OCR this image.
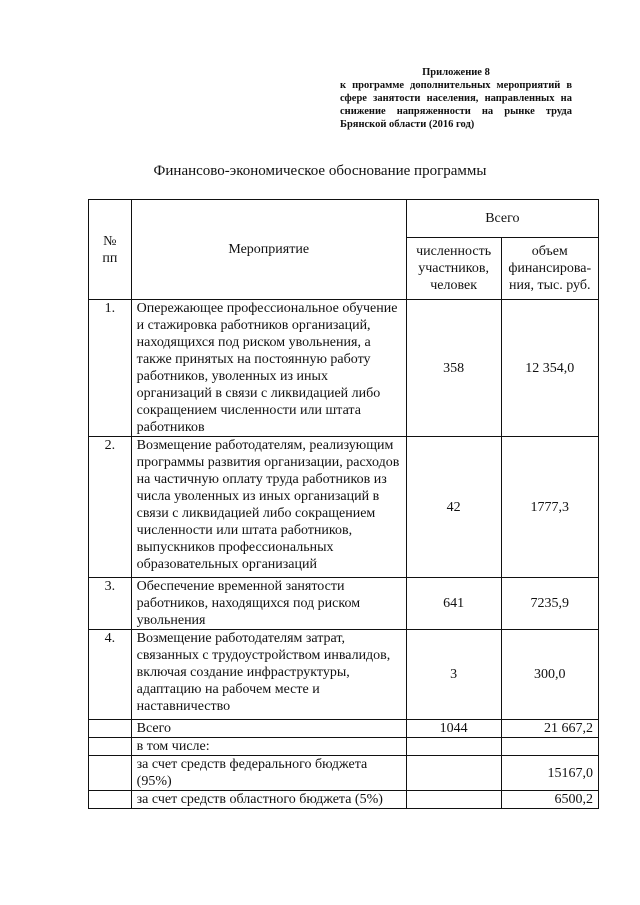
Приложение 8
к программе дополнительных мероприятий в
сфере занятости населения, направленных на
снижение напряженности на рынке труда
Брянской области (2016 год)
Финансово-экономическое обоснование программы
№ пп	Мероприятие	Всего	
		численность участников, человек	объем финансирова-ния, тыс. руб.
1.	Опережающее профессиональное обучение и стажировка работников организаций, находящихся под риском увольнения, а также принятых на постоянную работу работников, уволенных из иных организаций в связи с ликвидацией либо сокращением численности или штата работников	358	12 354,0
2.	Возмещение работодателям, реализующим программы развития организации, расходов на частичную оплату труда работников из числа уволенных из иных организаций в связи с ликвидацией либо сокращением численности или штата работников, выпускников профессиональных образовательных организаций	42	1777,3
3.	Обеспечение временной занятости работников, находящихся под риском увольнения	641	7235,9
4.	Возмещение работодателям затрат, связанных с трудоустройством инвалидов, включая создание инфраструктуры, адаптацию на рабочем месте и наставничество	3	300,0
	Всего	1044	21 667,2
	в том числе:		
	за счет средств федерального бюджета (95%)		15167,0
	за счет средств областного бюджета (5%)		6500,2
